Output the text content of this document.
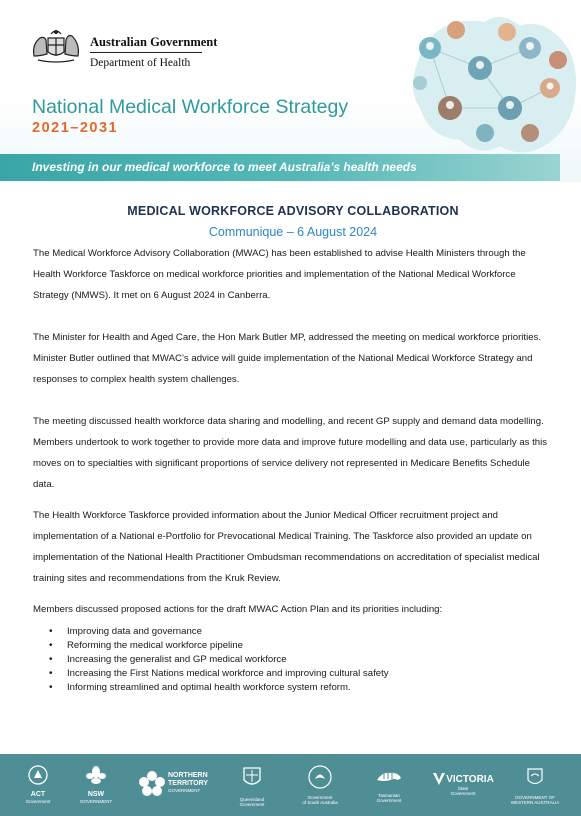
Australian Government
Department of Health
National Medical Workforce Strategy
2021–2031
Investing in our medical workforce to meet Australia’s health needs
MEDICAL WORKFORCE ADVISORY COLLABORATION
Communique – 6 August 2024

The Medical Workforce Advisory Collaboration (MWAC) has been established to advise Health Ministers through the Health Workforce Taskforce on medical workforce priorities and implementation of the National Medical Workforce Strategy (NMWS). It met on 6 August 2024 in Canberra.

The Minister for Health and Aged Care, the Hon Mark Butler MP, addressed the meeting on medical workforce priorities. Minister Butler outlined that MWAC’s advice will guide implementation of the National Medical Workforce Strategy and responses to complex health system challenges.

The meeting discussed health workforce data sharing and modelling, and recent GP supply and demand data modelling. Members undertook to work together to provide more data and improve future modelling and data use, particularly as this moves on to specialties with significant proportions of service delivery not represented in Medicare Benefits Schedule data.

The Health Workforce Taskforce provided information about the Junior Medical Officer recruitment project and implementation of a National e-Portfolio for Prevocational Medical Training. The Taskforce also provided an update on implementation of the National Health Practitioner Ombudsman recommendations on accreditation of specialist medical training sites and recommendations from the Kruk Review.

Members discussed proposed actions for the draft MWAC Action Plan and its priorities including:

• Improving data and governance
• Reforming the medical workforce pipeline
• Increasing the generalist and GP medical workforce
• Increasing the First Nations medical workforce and improving cultural safety
• Informing streamlined and optimal health workforce system reform.
ACT
Government
NSW
GOVERNMENT
NORTHERN
TERRITORY
GOVERNMENT
Queensland
Government
Government
of South Australia
Tasmanian
Government
VICTORIA
State
Government
GOVERNMENT OF
WESTERN AUSTRALIA
